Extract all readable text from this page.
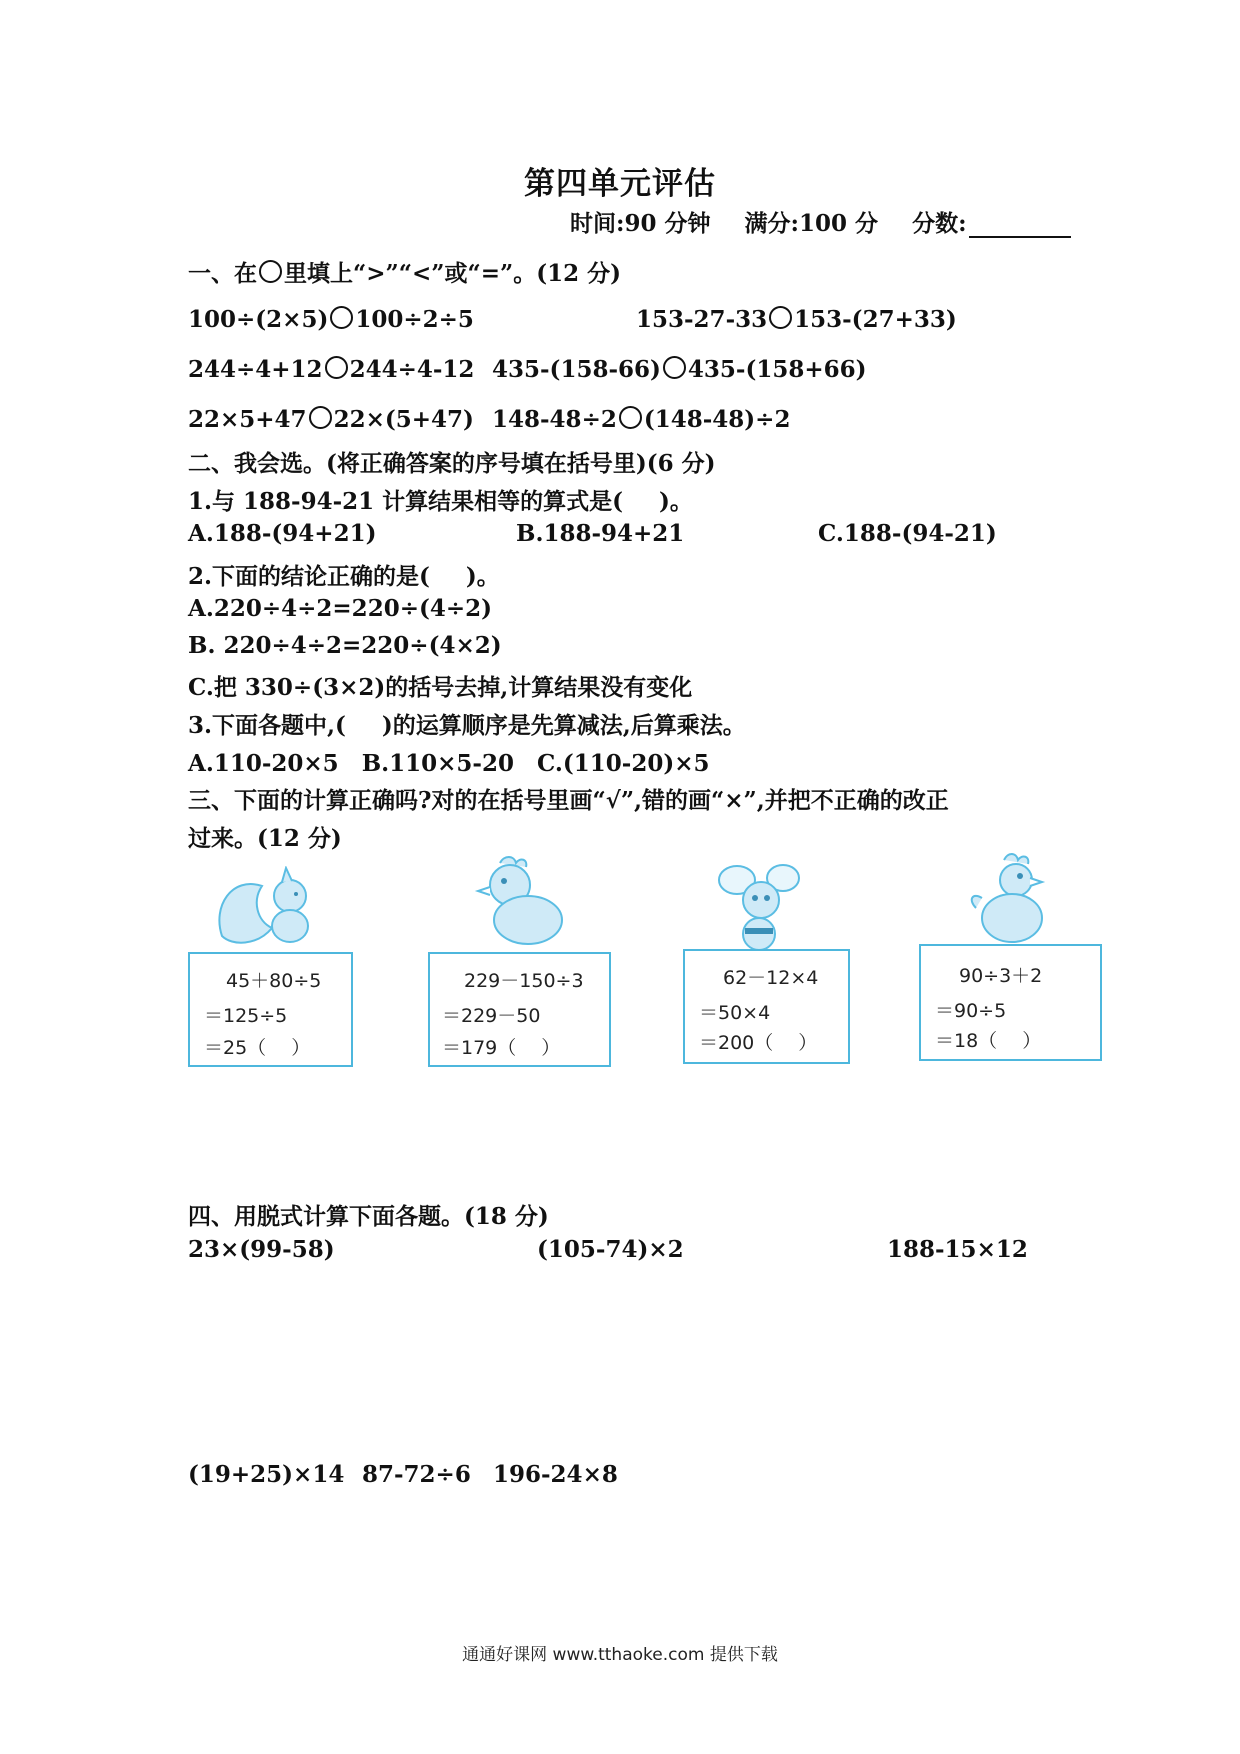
第四单元评估
时间:90 分钟 满分:100 分 分数:
一、在 里填上“>”“<”或“=”。(12 分)
100÷(2×5) 100÷2÷5	153-27-33 153-(27+33)
244÷4+12 244÷4-12 435-(158-66) 435-(158+66)
22×5+47 22×(5+47) 148-48÷2 (148-48)÷2
二、我会选。(将正确答案的序号填在括号里)(6 分)
1.与 188-94-21 计算结果相等的算式是( )。
A.188-(94+21)	B.188-94+21	C.188-(94-21)
2.下面的结论正确的是( )。
A.220÷4÷2=220÷(4÷2)
B. 220÷4÷2=220÷(4×2)
C.把 330÷(3×2)的括号去掉,计算结果没有变化
3.下面各题中,( )的运算顺序是先算减法,后算乘法。
A.110-20×5　B.110×5-20　C.(110-20)×5
三、下面的计算正确吗?对的在括号里画“√”,错的画“×”,并把不正确的改正
过来。(12 分)
45＋80÷5
＝125÷5
＝25（　 ）
229－150÷3
＝229－50
＝179（　 ）
62－12×4
＝50×4
＝200（　 ）
90÷3＋2
＝90÷5
＝18（　 ）
四、用脱式计算下面各题。(18 分)
23×(99-58)	(105-74)×2	188-15×12
(19+25)×14 87-72÷6 196-24×8
通通好课网 www.tthaoke.com 提供下载
